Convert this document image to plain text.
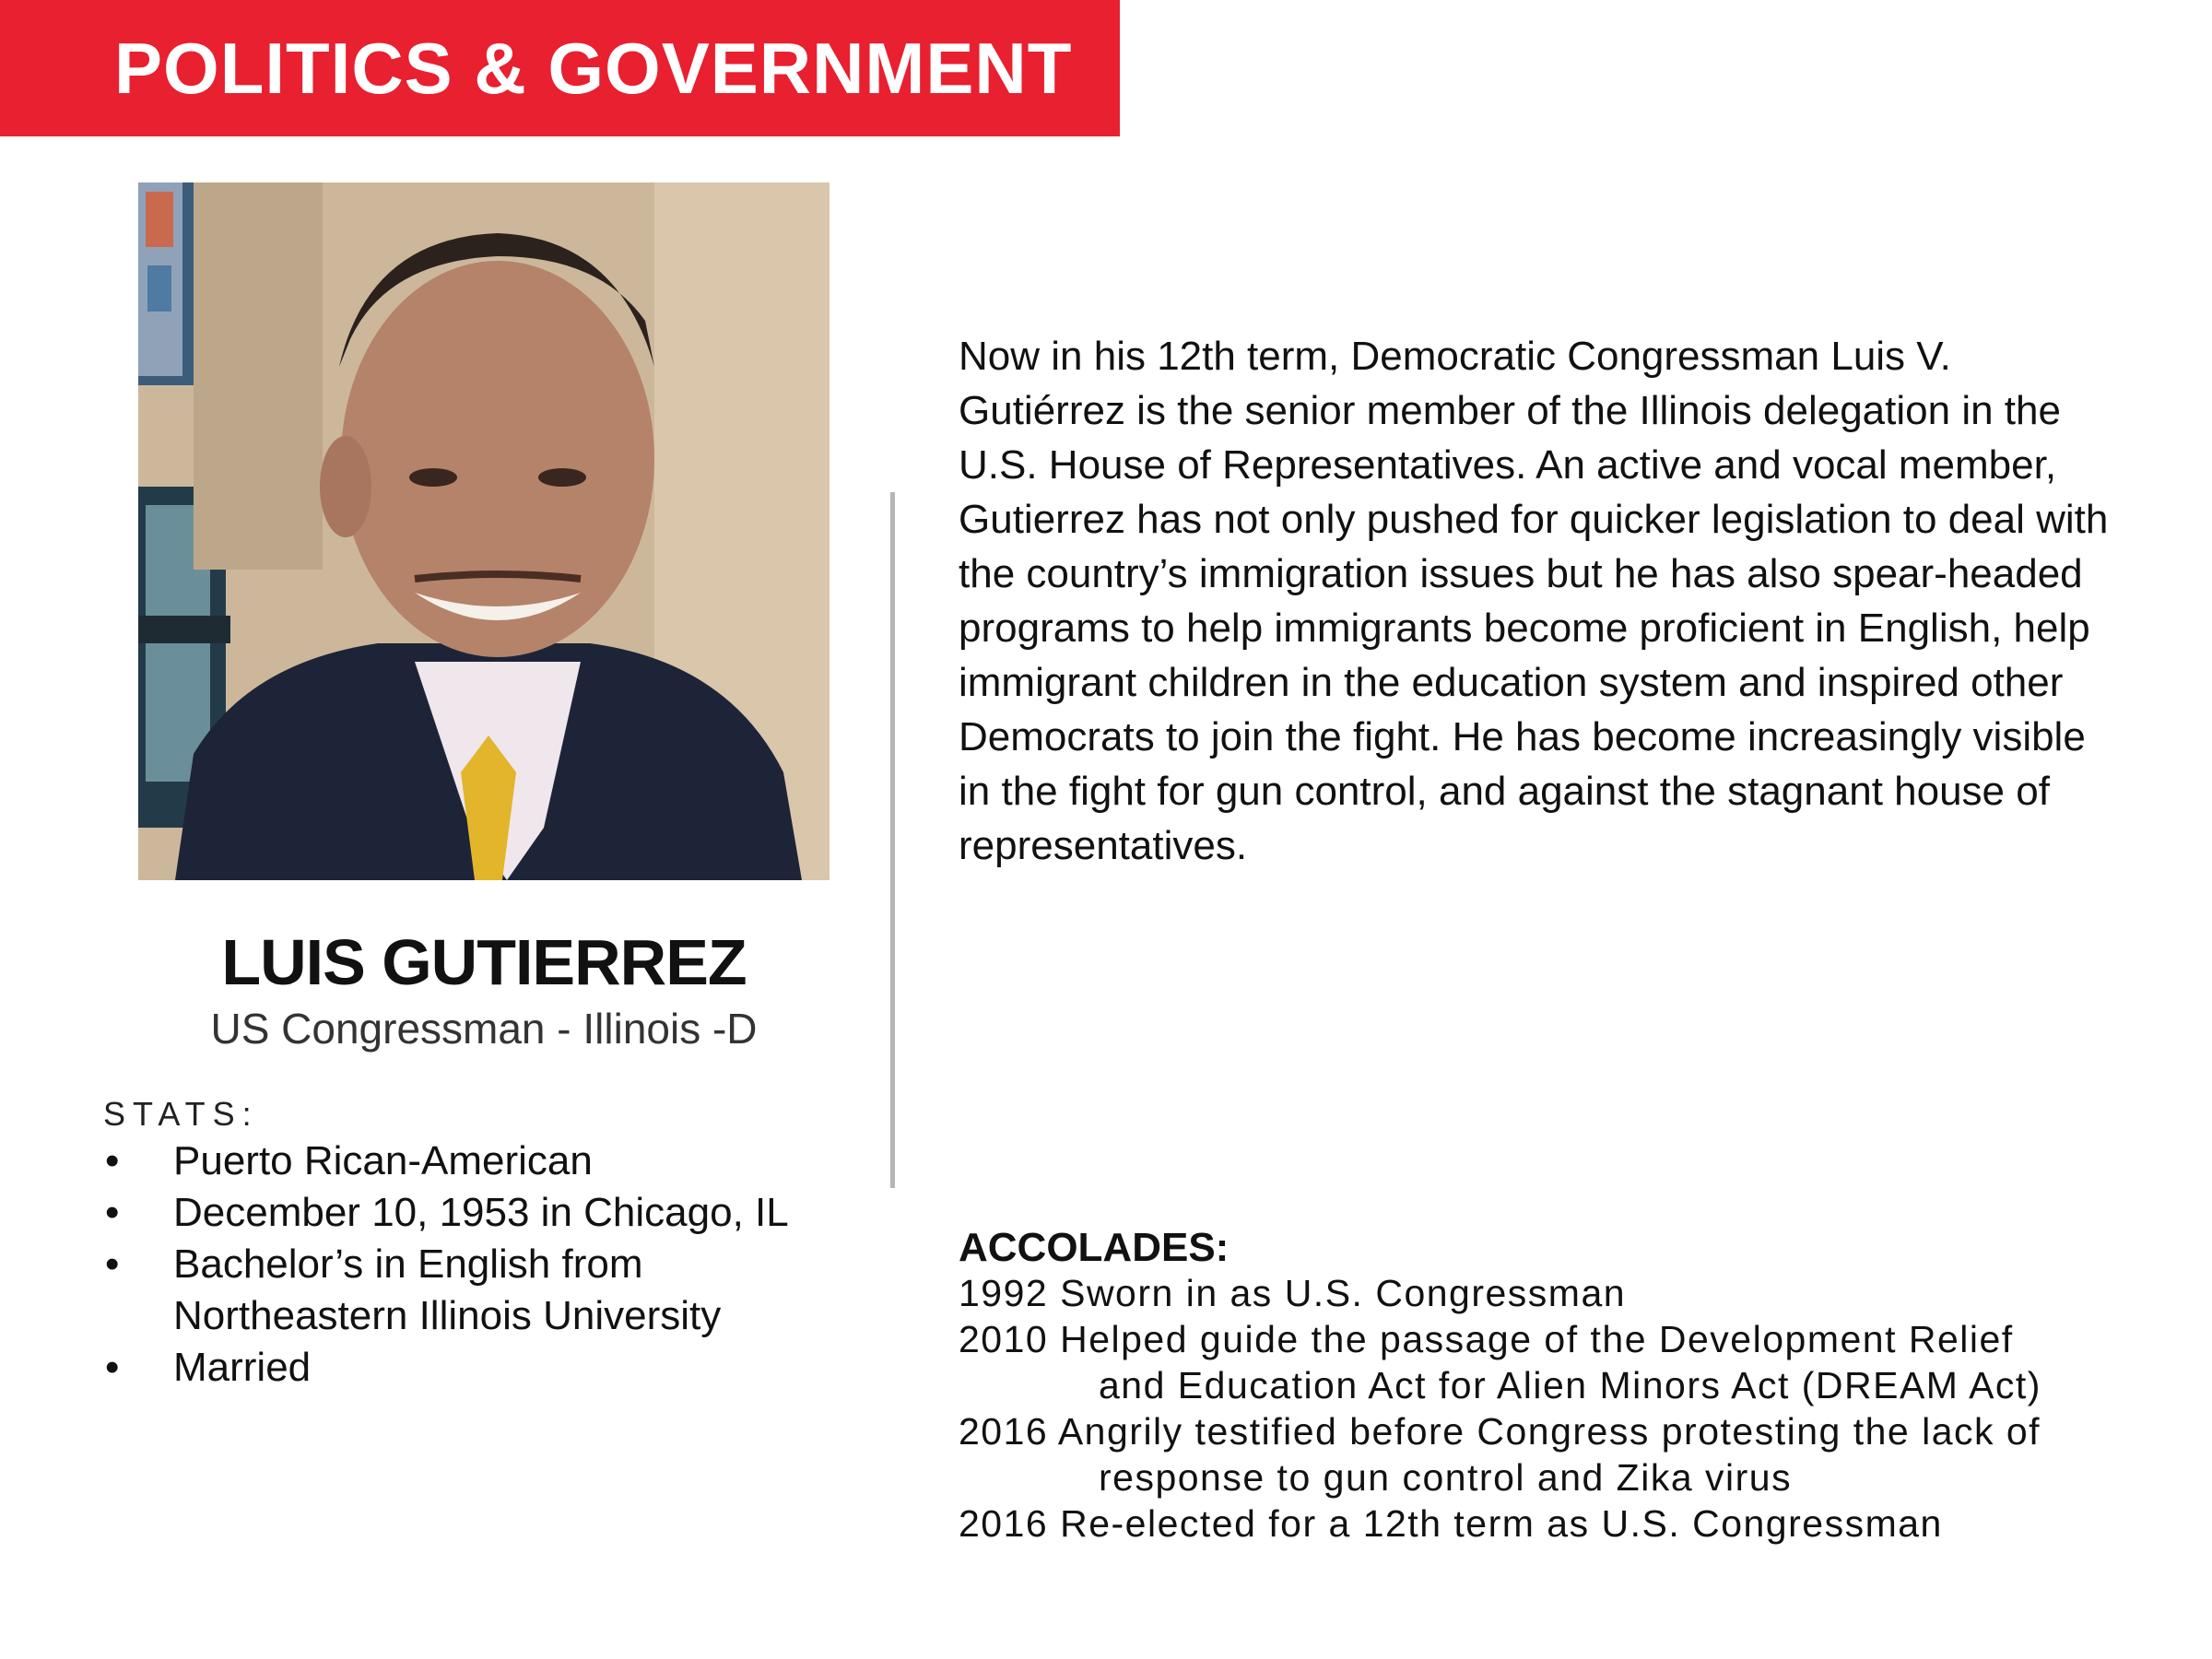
POLITICS & GOVERNMENT
LUIS GUTIERREZ
US Congressman - Illinois -D
STATS:
• Puerto Rican-American
• December 10, 1953 in Chicago, IL
• Bachelor’s in English from Northeastern Illinois University
• Married
Now in his 12th term, Democratic Congressman Luis V. Gutiérrez is the senior member of the Illinois delegation in the U.S. House of Representatives. An active and vocal member, Gutierrez has not only pushed for quicker legislation to deal with the country’s immigration issues but he has also spear-headed programs to help immigrants become proficient in English, help immigrant children in the education system and inspired other Democrats to join the fight. He has become increasingly visible in the fight for gun control, and against the stagnant house of representatives.
ACCOLADES:
1992 Sworn in as U.S. Congressman
2010 Helped guide the passage of the Development Relief
and Education Act for Alien Minors Act (DREAM Act)
2016 Angrily testified before Congress protesting the lack of
response to gun control and Zika virus
2016 Re-elected for a 12th term as U.S. Congressman
